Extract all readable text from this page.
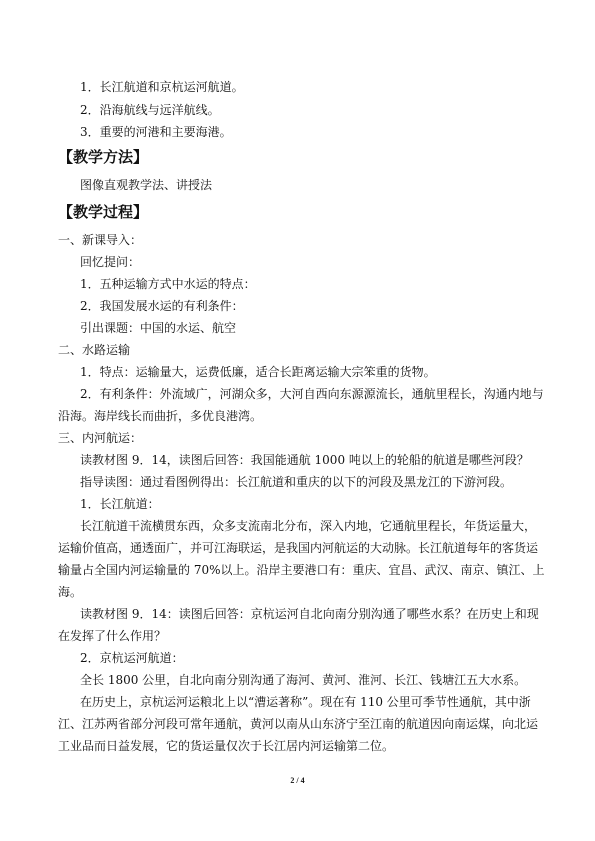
1．长江航道和京杭运河航道。
2．沿海航线与远洋航线。
3．重要的河港和主要海港。
【教学方法】
图像直观教学法、讲授法
【教学过程】
一、新课导入：
回忆提问：
1．五种运输方式中水运的特点：
2．我国发展水运的有利条件：
引出课题：中国的水运、航空
二、水路运输
1．特点：运输量大，运费低廉，适合长距离运输大宗笨重的货物。
2．有利条件：外流域广，河湖众多，大河自西向东源源流长，通航里程长，沟通内地与
沿海。海岸线长而曲折，多优良港湾。
三、内河航运：
读教材图 9．14，读图后回答：我国能通航 1000 吨以上的轮船的航道是哪些河段？
指导读图：通过看图例得出：长江航道和重庆的以下的河段及黑龙江的下游河段。
1．长江航道：
长江航道干流横贯东西，众多支流南北分布，深入内地，它通航里程长，年货运量大，
运输价值高，通透面广，并可江海联运，是我国内河航运的大动脉。长江航道每年的客货运
输量占全国内河运输量的 70%以上。沿岸主要港口有：重庆、宜昌、武汉、南京、镇江、上
海。
读教材图 9．14：读图后回答：京杭运河自北向南分别沟通了哪些水系？在历史上和现
在发挥了什么作用？
2．京杭运河航道：
全长 1800 公里，自北向南分别沟通了海河、黄河、淮河、长江、钱塘江五大水系。
在历史上，京杭运河运粮北上以“漕运著称”。现在有 110 公里可季节性通航，其中浙
江、江苏两省部分河段可常年通航，黄河以南从山东济宁至江南的航道因向南运煤，向北运
工业品而日益发展，它的货运量仅次于长江居内河运输第二位。
2 / 4
